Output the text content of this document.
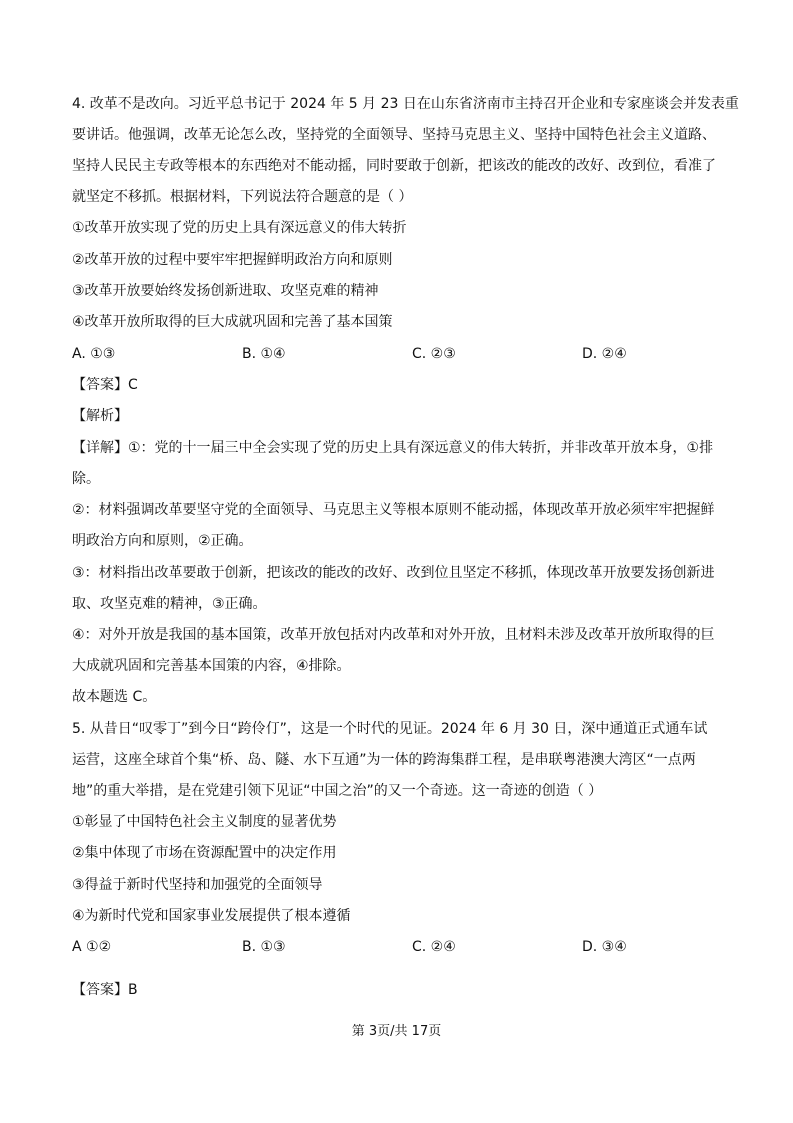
4. 改革不是改向。习近平总书记于 2024 年 5 月 23 日在山东省济南市主持召开企业和专家座谈会并发表重
要讲话。他强调，改革无论怎么改，坚持党的全面领导、坚持马克思主义、坚持中国特色社会主义道路、
坚持人民民主专政等根本的东西绝对不能动摇，同时要敢于创新，把该改的能改的改好、改到位，看准了
就坚定不移抓。根据材料，下列说法符合题意的是（ ）
①改革开放实现了党的历史上具有深远意义的伟大转折
②改革开放的过程中要牢牢把握鲜明政治方向和原则
③改革开放要始终发扬创新进取、攻坚克难的精神
④改革开放所取得的巨大成就巩固和完善了基本国策
A. ①③	B. ①④	C. ②③	D. ②④
【答案】C
【解析】
【详解】①：党的十一届三中全会实现了党的历史上具有深远意义的伟大转折，并非改革开放本身，①排
除。
②：材料强调改革要坚守党的全面领导、马克思主义等根本原则不能动摇，体现改革开放必须牢牢把握鲜
明政治方向和原则，②正确。
③：材料指出改革要敢于创新，把该改的能改的改好、改到位且坚定不移抓，体现改革开放要发扬创新进
取、攻坚克难的精神，③正确。
④：对外开放是我国的基本国策，改革开放包括对内改革和对外开放，且材料未涉及改革开放所取得的巨
大成就巩固和完善基本国策的内容，④排除。
故本题选 C。
5. 从昔日“叹零丁”到今日“跨伶仃”，这是一个时代的见证。2024 年 6 月 30 日，深中通道正式通车试
运营，这座全球首个集“桥、岛、隧、水下互通”为一体的跨海集群工程，是串联粤港澳大湾区“一点两
地”的重大举措，是在党建引领下见证“中国之治”的又一个奇迹。这一奇迹的创造（ ）
①彰显了中国特色社会主义制度的显著优势
②集中体现了市场在资源配置中的决定作用
③得益于新时代坚持和加强党的全面领导
④为新时代党和国家事业发展提供了根本遵循
A ①②	B. ①③	C. ②④	D. ③④
【答案】B
第 3页/共 17页
